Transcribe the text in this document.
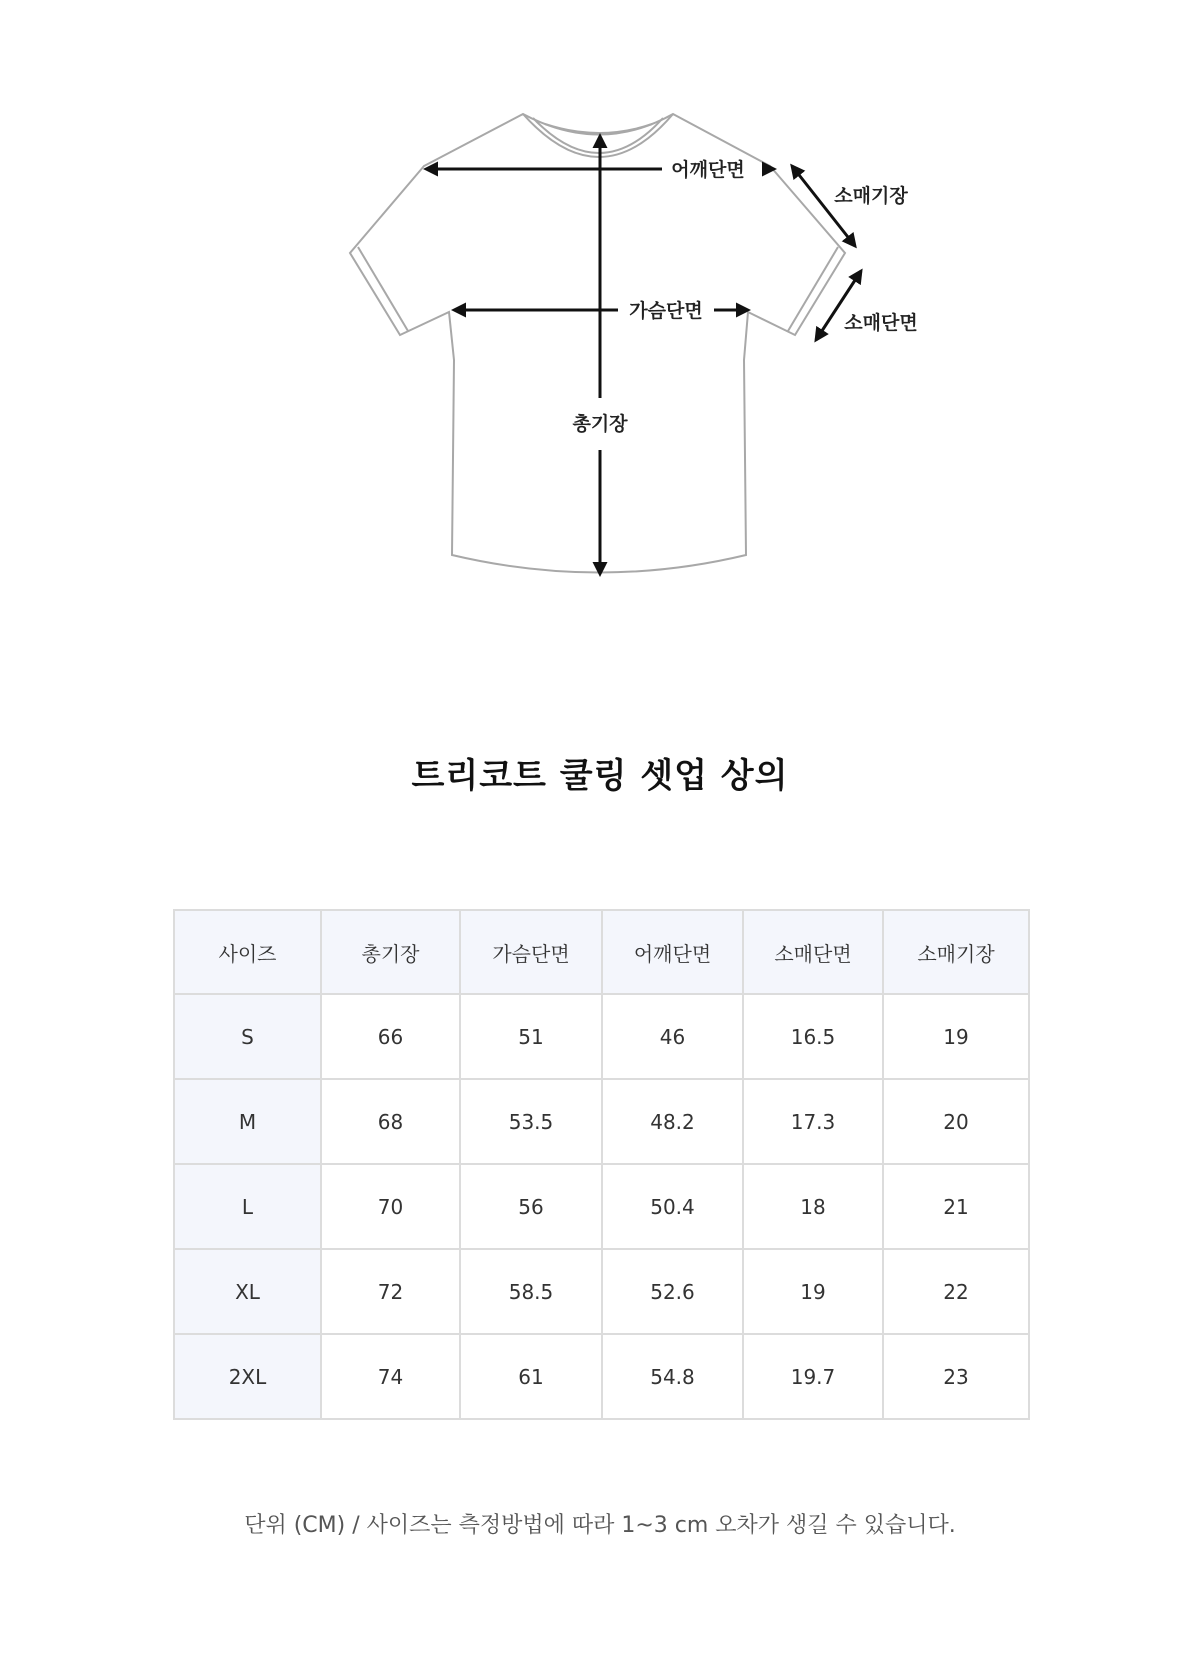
어깨단면
총기장
가슴단면
소매기장
소매단면
트리코트 쿨링 셋업 상의
사이즈	총기장	가슴단면	어깨단면	소매단면	소매기장
S	66	51	46	16.5	19
M	68	53.5	48.2	17.3	20
L	70	56	50.4	18	21
XL	72	58.5	52.6	19	22
2XL	74	61	54.8	19.7	23
단위 (CM) / 사이즈는 측정방법에 따라 1~3 cm 오차가 생길 수 있습니다.
